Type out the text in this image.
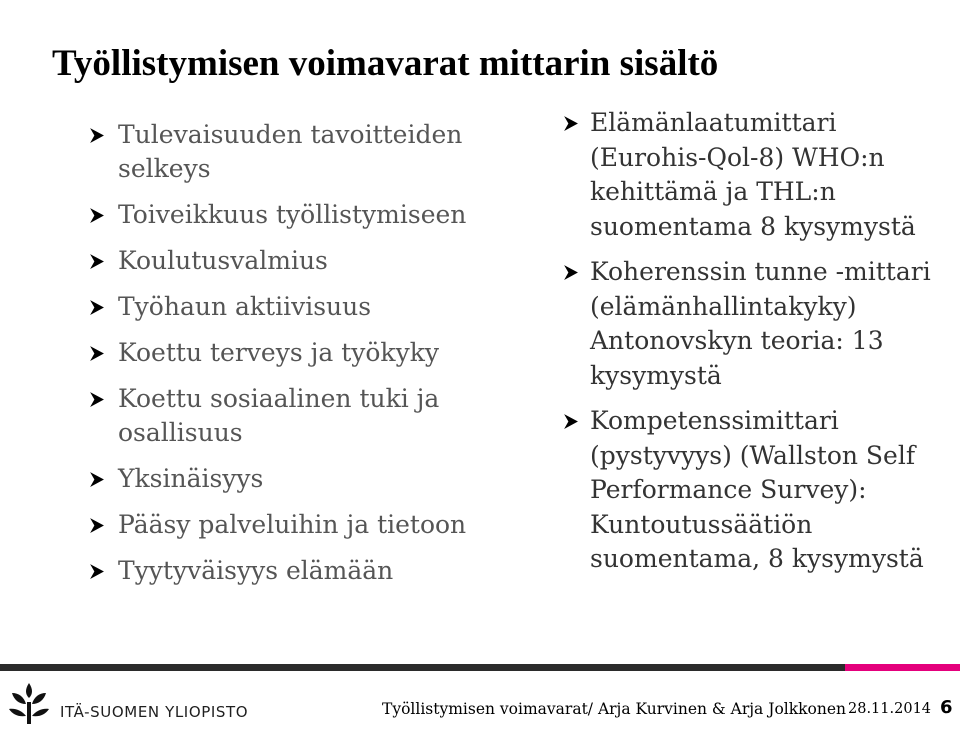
Työllistymisen voimavarat mittarin sisältö
Tulevaisuuden tavoitteiden selkeys
Toiveikkuus työllistymiseen
Koulutusvalmius
Työhaun aktiivisuus
Koettu terveys ja työkyky
Koettu sosiaalinen tuki ja osallisuus
Yksinäisyys
Pääsy palveluihin ja tietoon
Tyytyväisyys elämään
Elämänlaatumittari (Eurohis-Qol-8) WHO:n kehittämä ja THL:n suomentama 8 kysymystä
Koherenssin tunne -mittari (elämänhallintakyky) Antonovskyn teoria: 13 kysymystä
Kompetenssimittari (pystyvyys) (Wallston Self Performance Survey): Kuntoutussäätiön suomentama, 8 kysymystä
ITÄ-SUOMEN YLIOPISTO	Työllistymisen voimavarat/ Arja Kurvinen & Arja Jolkkonen 28.11.2014 6
